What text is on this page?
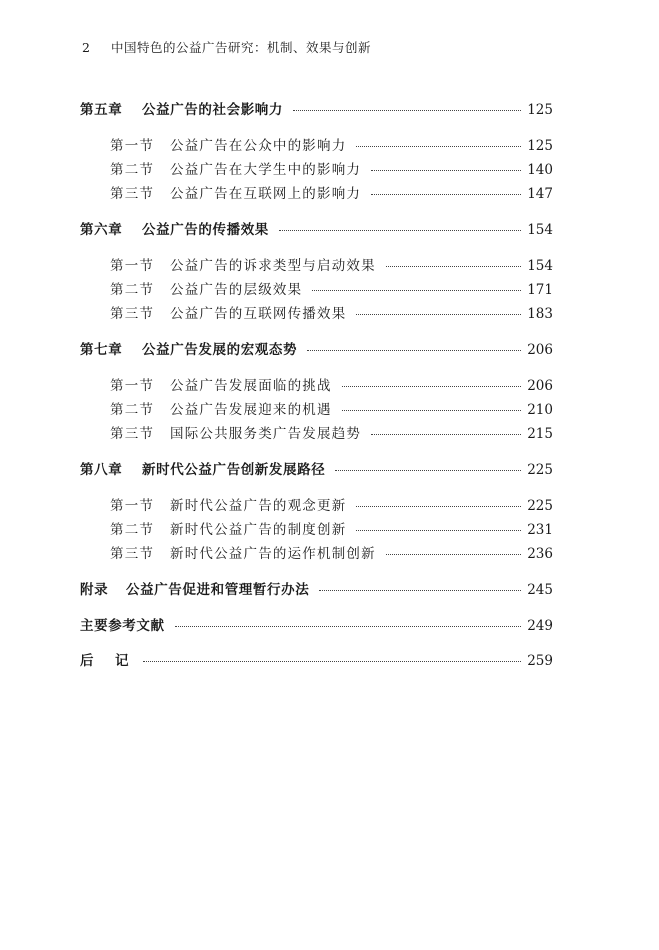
2 中国特色的公益广告研究：机制、效果与创新
第五章	公益广告的社会影响力	125
第一节	公益广告在公众中的影响力	125
第二节	公益广告在大学生中的影响力	140
第三节	公益广告在互联网上的影响力	147
第六章	公益广告的传播效果	154
第一节	公益广告的诉求类型与启动效果	154
第二节	公益广告的层级效果	171
第三节	公益广告的互联网传播效果	183
第七章	公益广告发展的宏观态势	206
第一节	公益广告发展面临的挑战	206
第二节	公益广告发展迎来的机遇	210
第三节	国际公共服务类广告发展趋势	215
第八章	新时代公益广告创新发展路径	225
第一节	新时代公益广告的观念更新	225
第二节	新时代公益广告的制度创新	231
第三节	新时代公益广告的运作机制创新	236
附录	公益广告促进和管理暂行办法	245
主要参考文献	249
后　记	259
